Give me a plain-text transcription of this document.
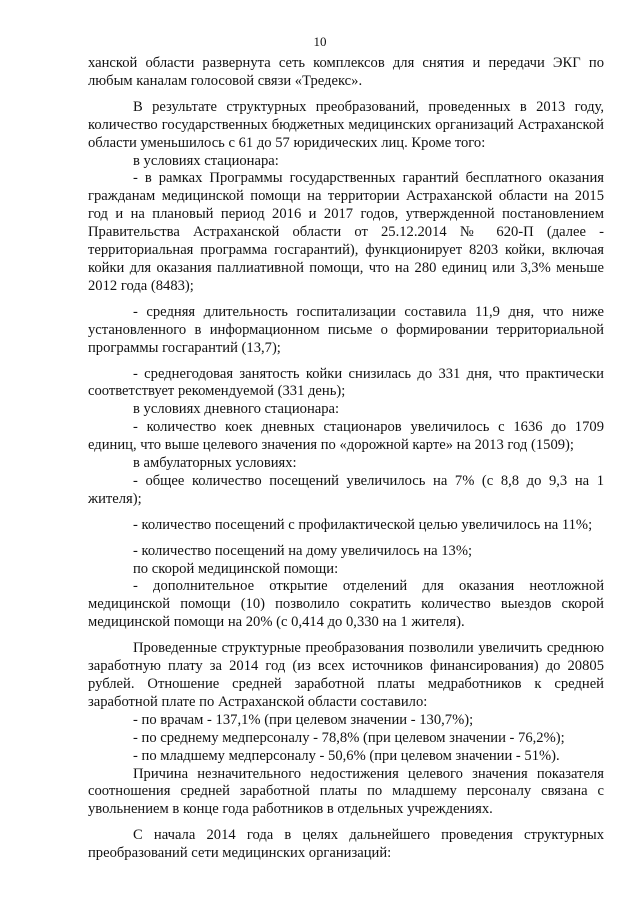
10

ханской области развернута сеть комплексов для снятия и передачи ЭКГ по любым каналам голосовой связи «Тредекс».

В результате структурных преобразований, проведенных в 2013 году, количество государственных бюджетных медицинских организаций Астраханской области уменьшилось с 61 до 57 юридических лиц. Кроме того:

в условиях стационара:

- в рамках Программы государственных гарантий бесплатного оказания гражданам медицинской помощи на территории Астраханской области на 2015 год и на плановый период 2016 и 2017 годов, утвержденной постановлением Правительства Астраханской области от 25.12.2014 № 620-П (далее - территориальная программа госгарантий), функционирует 8203 койки, включая койки для оказания паллиативной помощи, что на 280 единиц или 3,3% меньше 2012 года (8483);

- средняя длительность госпитализации составила 11,9 дня, что ниже установленного в информационном письме о формировании территориальной программы госгарантий (13,7);

- среднегодовая занятость койки снизилась до 331 дня, что практически соответствует рекомендуемой (331 день);

в условиях дневного стационара:

- количество коек дневных стационаров увеличилось с 1636 до 1709 единиц, что выше целевого значения по «дорожной карте» на 2013 год (1509);

в амбулаторных условиях:

- общее количество посещений увеличилось на 7% (с 8,8 до 9,3 на 1 жителя);

- количество посещений с профилактической целью увеличилось на 11%;

- количество посещений на дому увеличилось на 13%;

по скорой медицинской помощи:

- дополнительное открытие отделений для оказания неотложной медицинской помощи (10) позволило сократить количество выездов скорой медицинской помощи на 20% (с 0,414 до 0,330 на 1 жителя).

Проведенные структурные преобразования позволили увеличить среднюю заработную плату за 2014 год (из всех источников финансирования) до 20805 рублей. Отношение средней заработной платы медработников к средней заработной плате по Астраханской области составило:

- по врачам - 137,1% (при целевом значении - 130,7%);

- по среднему медперсоналу - 78,8% (при целевом значении - 76,2%);

- по младшему медперсоналу - 50,6% (при целевом значении - 51%).

Причина незначительного недостижения целевого значения показателя соотношения средней заработной платы по младшему персоналу связана с увольнением в конце года работников в отдельных учреждениях.

С начала 2014 года в целях дальнейшего проведения структурных преобразований сети медицинских организаций:
